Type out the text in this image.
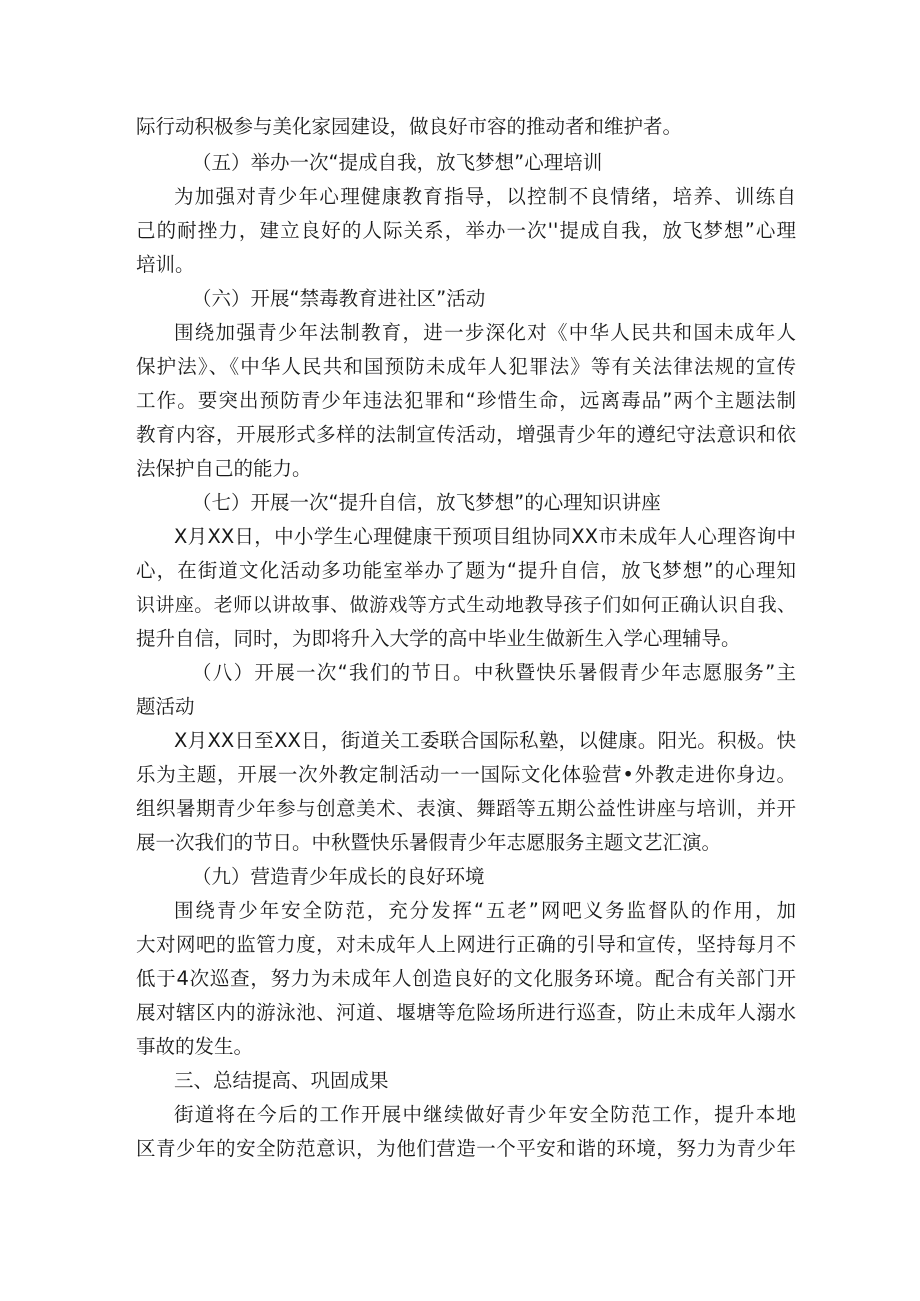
际行动积极参与美化家园建设，做良好市容的推动者和维护者。
（五）举办一次“提成自我，放飞梦想”心理培训
为加强对青少年心理健康教育指导，以控制不良情绪，培养、训练自
己的耐挫力，建立良好的人际关系，举办一次''提成自我，放飞梦想”心理
培训。
（六）开展“禁毒教育进社区”活动
围绕加强青少年法制教育，进一步深化对《中华人民共和国未成年人
保护法》、《中华人民共和国预防未成年人犯罪法》等有关法律法规的宣传
工作。要突出预防青少年违法犯罪和“珍惜生命，远离毒品”两个主题法制
教育内容，开展形式多样的法制宣传活动，增强青少年的遵纪守法意识和依
法保护自己的能力。
（七）开展一次“提升自信，放飞梦想”的心理知识讲座
X月XX日，中小学生心理健康干预项目组协同XX市未成年人心理咨询中
心，在街道文化活动多功能室举办了题为“提升自信，放飞梦想”的心理知
识讲座。老师以讲故事、做游戏等方式生动地教导孩子们如何正确认识自我、
提升自信，同时，为即将升入大学的高中毕业生做新生入学心理辅导。
（八）开展一次“我们的节日。中秋暨快乐暑假青少年志愿服务”主
题活动
X月XX日至XX日，街道关工委联合国际私塾，以健康。阳光。积极。快
乐为主题，开展一次外教定制活动一一国际文化体验营•外教走进你身边。
组织暑期青少年参与创意美术、表演、舞蹈等五期公益性讲座与培训，并开
展一次我们的节日。中秋暨快乐暑假青少年志愿服务主题文艺汇演。
（九）营造青少年成长的良好环境
围绕青少年安全防范，充分发挥“五老”网吧义务监督队的作用，加
大对网吧的监管力度，对未成年人上网进行正确的引导和宣传，坚持每月不
低于4次巡查，努力为未成年人创造良好的文化服务环境。配合有关部门开
展对辖区内的游泳池、河道、堰塘等危险场所进行巡查，防止未成年人溺水
事故的发生。
三、总结提高、巩固成果
街道将在今后的工作开展中继续做好青少年安全防范工作，提升本地
区青少年的安全防范意识，为他们营造一个平安和谐的环境，努力为青少年
